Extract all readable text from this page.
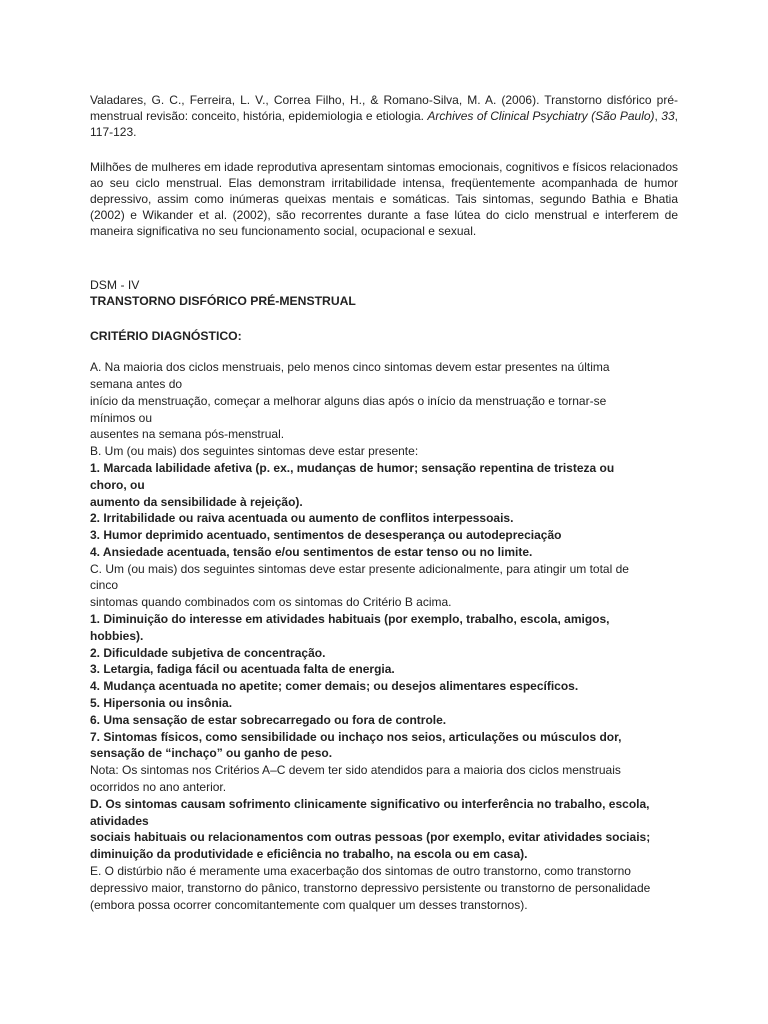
Valadares, G. C., Ferreira, L. V., Correa Filho, H., & Romano-Silva, M. A. (2006). Transtorno disfórico pré-menstrual revisão: conceito, história, epidemiologia e etiologia. Archives of Clinical Psychiatry (São Paulo), 33, 117-123.

Milhões de mulheres em idade reprodutiva apresentam sintomas emocionais, cognitivos e físicos relacionados ao seu ciclo menstrual. Elas demonstram irritabilidade intensa, freqüentemente acompanhada de humor depressivo, assim como inúmeras queixas mentais e somáticas. Tais sintomas, segundo Bathia e Bhatia (2002) e Wikander et al. (2002), são recorrentes durante a fase lútea do ciclo menstrual e interferem de maneira significativa no seu funcionamento social, ocupacional e sexual.

DSM - IV

TRANSTORNO DISFÓRICO PRÉ-MENSTRUAL

CRITÉRIO DIAGNÓSTICO:

A. Na maioria dos ciclos menstruais, pelo menos cinco sintomas devem estar presentes na última
semana antes do
início da menstruação, começar a melhorar alguns dias após o início da menstruação e tornar-se
mínimos ou
ausentes na semana pós-menstrual.
B. Um (ou mais) dos seguintes sintomas deve estar presente:
1. Marcada labilidade afetiva (p. ex., mudanças de humor; sensação repentina de tristeza ou
choro, ou
aumento da sensibilidade à rejeição).
2. Irritabilidade ou raiva acentuada ou aumento de conflitos interpessoais.
3. Humor deprimido acentuado, sentimentos de desesperança ou autodepreciação
4. Ansiedade acentuada, tensão e/ou sentimentos de estar tenso ou no limite.
C. Um (ou mais) dos seguintes sintomas deve estar presente adicionalmente, para atingir um total de
cinco
sintomas quando combinados com os sintomas do Critério B acima.
1. Diminuição do interesse em atividades habituais (por exemplo, trabalho, escola, amigos,
hobbies).
2. Dificuldade subjetiva de concentração.
3. Letargia, fadiga fácil ou acentuada falta de energia.
4. Mudança acentuada no apetite; comer demais; ou desejos alimentares específicos.
5. Hipersonia ou insônia.
6. Uma sensação de estar sobrecarregado ou fora de controle.
7. Sintomas físicos, como sensibilidade ou inchaço nos seios, articulações ou músculos dor,
sensação de “inchaço” ou ganho de peso.
Nota: Os sintomas nos Critérios A–C devem ter sido atendidos para a maioria dos ciclos menstruais
ocorridos no ano anterior.
D. Os sintomas causam sofrimento clinicamente significativo ou interferência no trabalho, escola,
atividades
sociais habituais ou relacionamentos com outras pessoas (por exemplo, evitar atividades sociais;
diminuição da produtividade e eficiência no trabalho, na escola ou em casa).
E. O distúrbio não é meramente uma exacerbação dos sintomas de outro transtorno, como transtorno
depressivo maior, transtorno do pânico, transtorno depressivo persistente ou transtorno de personalidade
(embora possa ocorrer concomitantemente com qualquer um desses transtornos).
